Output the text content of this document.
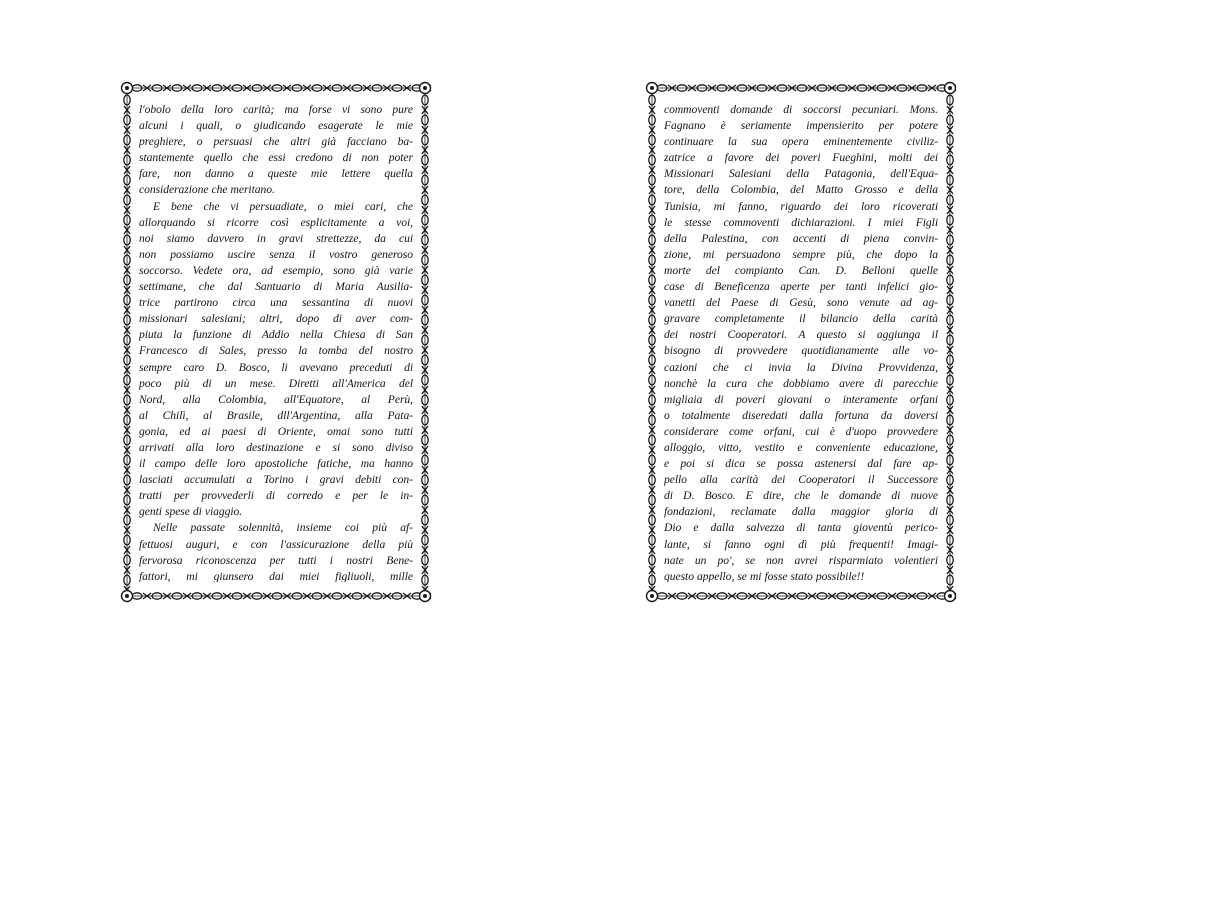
l'obolo della loro carità; ma forse vi sono pure
alcuni i quali, o giudicando esagerate le mie
preghiere, o persuasi che altri già facciano ba-
stantemente quello che essi credono di non poter
fare, non danno a queste mie lettere quella
considerazione che meritano.
E bene che vi persuadiate, o miei cari, che
allorquando si ricorre così esplicitamente a voi,
noi siamo davvero in gravi strettezze, da cui
non possiamo uscire senza il vostro generoso
soccorso. Vedete ora, ad esempio, sono già varie
settimane, che dal Santuario di Maria Ausilia-
trice partirono circa una sessantina di nuovi
missionari salesiani; altri, dopo di aver com-
piuta la funzione di Addio nella Chiesa di San
Francesco di Sales, presso la tomba del nostro
sempre caro D. Bosco, li avevano preceduti di
poco più di un mese. Diretti all'America del
Nord, alla Colombia, all'Equatore, al Perù,
al Chilì, al Brasile, dll'Argentina, alla Pata-
gonia, ed ai paesi di Oriente, omai sono tutti
arrivati alla loro destinazione e si sono diviso
il campo delle loro apostoliche fatiche, ma hanno
lasciati accumulati a Torino i gravi debiti con-
tratti per provvederli di corredo e per le in-
genti spese di viaggio.
Nelle passate solennità, insieme coi più af-
fettuosi auguri, e con l'assicurazione della più
fervorosa riconoscenza per tutti i nostri Bene-
fattori, mi giunsero dai miei figliuoli, mille
commoventi domande di soccorsi pecuniari. Mons.
Fagnano è seriamente impensierito per potere
continuare la sua opera eminentemente civiliz-
zatrice a favore dei poveri Fueghini, molti dei
Missionari Salesiani della Patagonia, dell'Equa-
tore, della Colombia, del Matto Grosso e della
Tunisia, mi fanno, riguardo dei loro ricoverati
le stesse commoventi dichiarazioni. I miei Figli
della Palestina, con accenti di piena convin-
zione, mi persuadono sempre più, che dopo la
morte del compianto Can. D. Belloni quelle
case di Beneficenza aperte per tanti infelici gio-
vanetti del Paese di Gesù, sono venute ad ag-
gravare completamente il bilancio della carità
dei nostri Cooperatori. A questo si aggiunga il
bisogno di provvedere quotidianamente alle vo-
cazioni che ci invia la Divina Provvidenza,
nonchè la cura che dobbiamo avere di parecchie
migliaia di poveri giovani o interamente orfani
o totalmente diseredati dalla fortuna da doversi
considerare come orfani, cui è d'uopo provvedere
alloggio, vitto, vestito e conveniente educazione,
e poi si dica se possa astenersi dal fare ap-
pello alla carità dei Cooperatori il Successore
di D. Bosco. E dire, che le domande di nuove
fondazioni, reclamate dalla maggior gloria di
Dio e dalla salvezza di tanta gioventù perico-
lante, si fanno ogni dì più frequenti! Imagi-
nate un po', se non avrei risparmiato volentieri
questo appello, se mi fosse stato possibile!!
